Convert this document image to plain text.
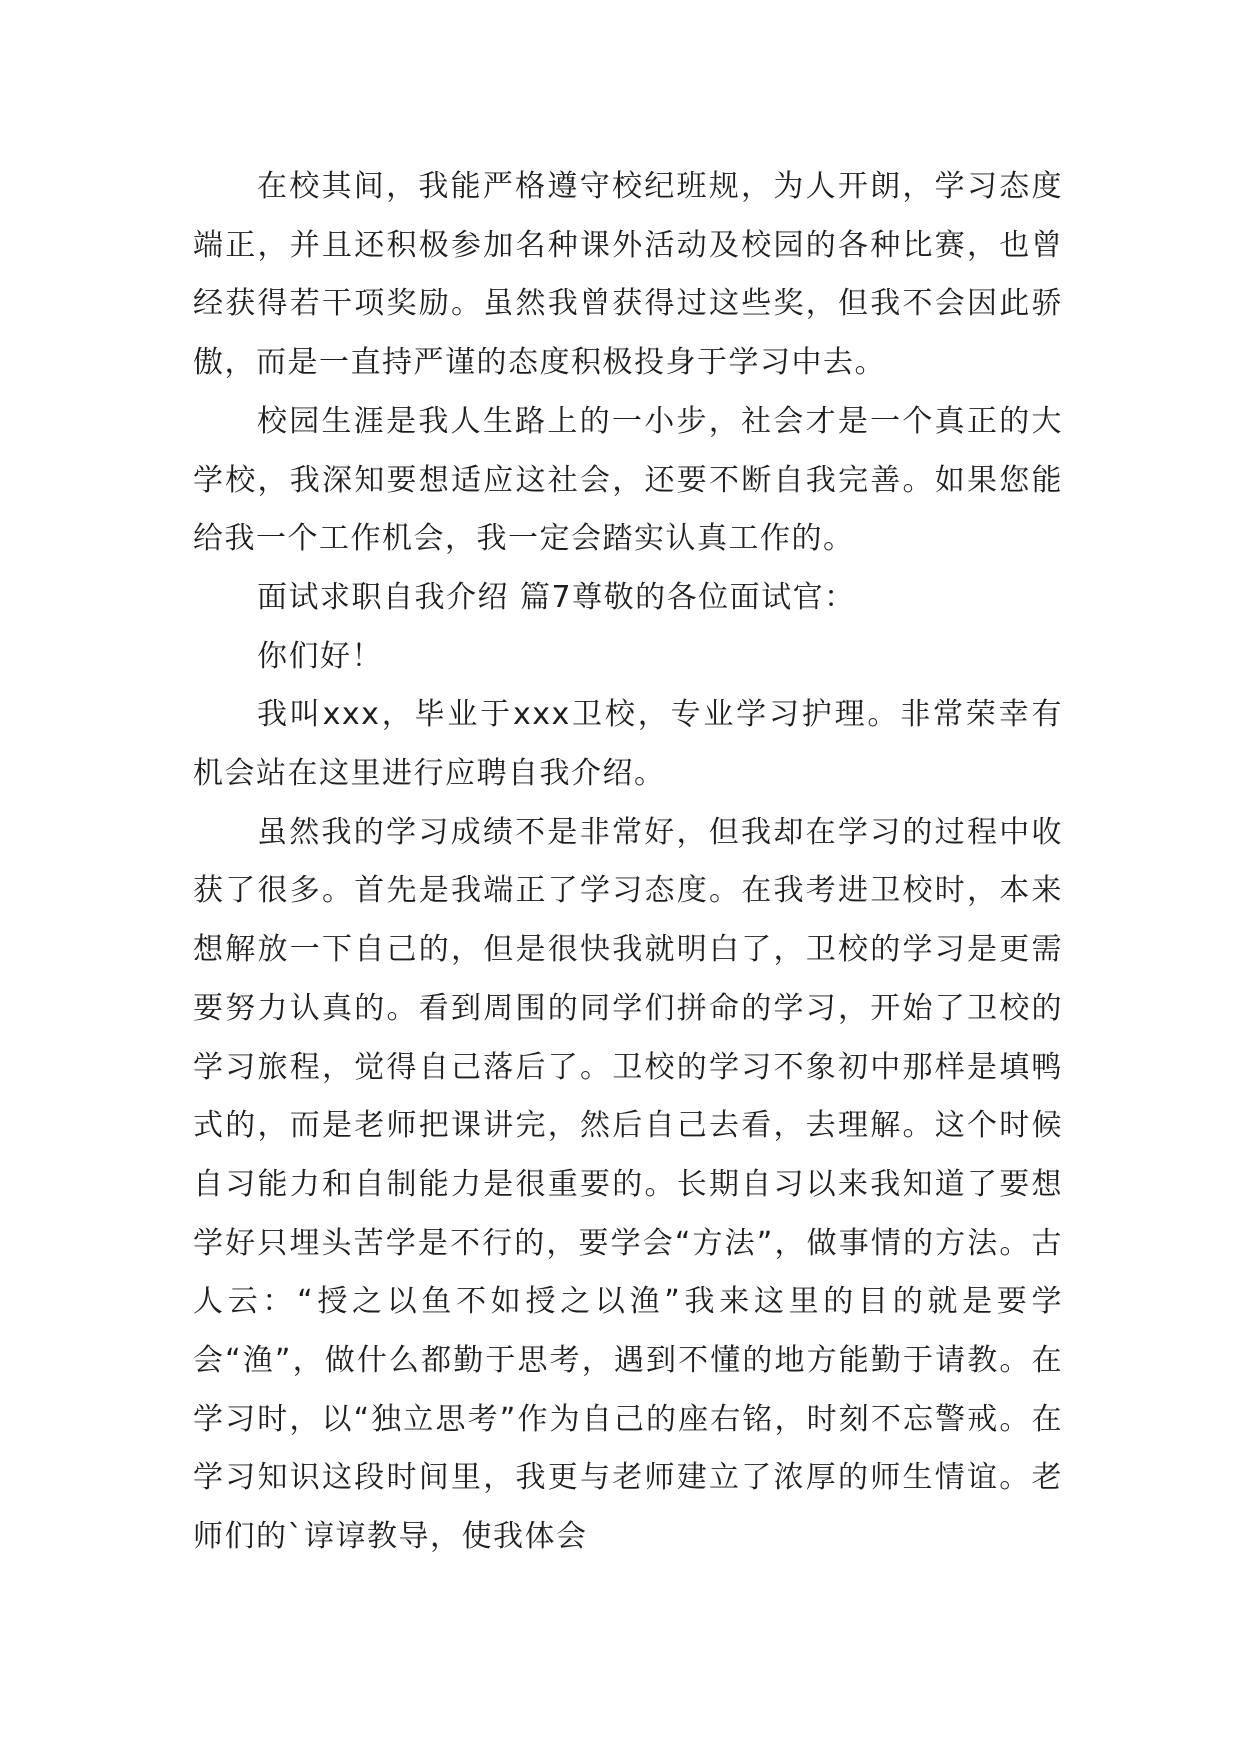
在校其间，我能严格遵守校纪班规，为人开朗，学习态度端正，并且还积极参加名种课外活动及校园的各种比赛，也曾经获得若干项奖励。虽然我曾获得过这些奖，但我不会因此骄傲，而是一直持严谨的态度积极投身于学习中去。

校园生涯是我人生路上的一小步，社会才是一个真正的大学校，我深知要想适应这社会，还要不断自我完善。如果您能给我一个工作机会，我一定会踏实认真工作的。

面试求职自我介绍 篇7尊敬的各位面试官：

你们好！

我叫xxx，毕业于xxx卫校，专业学习护理。非常荣幸有机会站在这里进行应聘自我介绍。

虽然我的学习成绩不是非常好，但我却在学习的过程中收获了很多。首先是我端正了学习态度。在我考进卫校时，本来想解放一下自己的，但是很快我就明白了，卫校的学习是更需要努力认真的。看到周围的同学们拼命的学习，开始了卫校的学习旅程，觉得自己落后了。卫校的学习不象初中那样是填鸭式的，而是老师把课讲完，然后自己去看，去理解。这个时候自习能力和自制能力是很重要的。长期自习以来我知道了要想学好只埋头苦学是不行的，要学会“方法”，做事情的方法。古人云：“授之以鱼不如授之以渔”我来这里的目的就是要学会“渔”，做什么都勤于思考，遇到不懂的地方能勤于请教。在学习时，以“独立思考”作为自己的座右铭，时刻不忘警戒。在学习知识这段时间里，我更与老师建立了浓厚的师生情谊。老师们的`谆谆教导，使我体会
